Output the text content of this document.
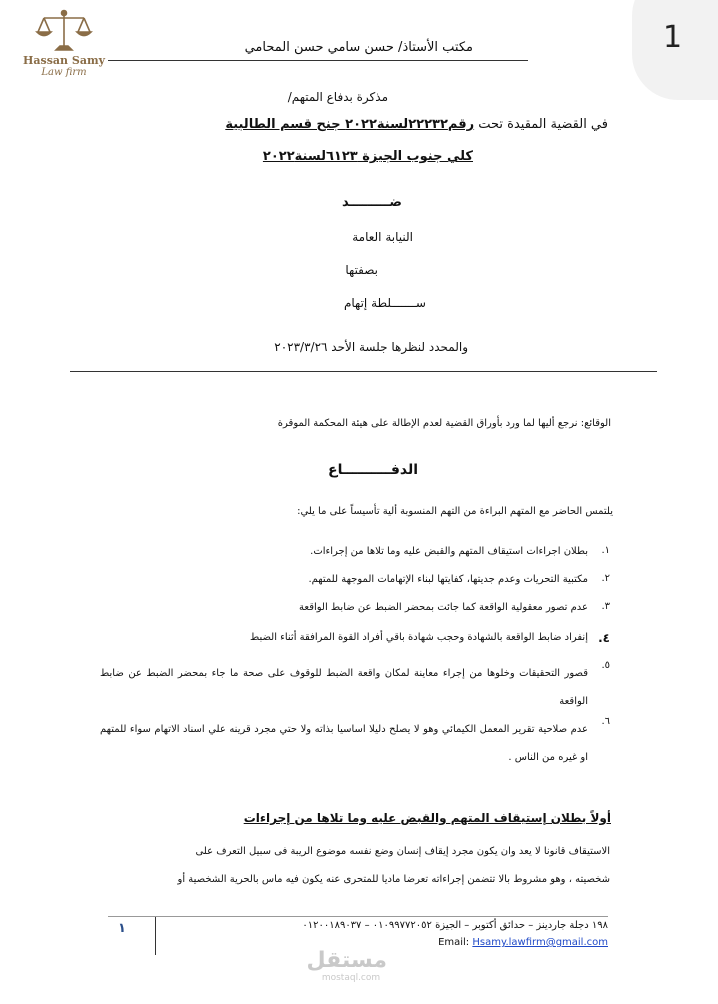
1
Hassan Samy
Law firm
مكتب الأستاذ/ حسن سامي حسن المحامي
مذكرة بدفاع المتهم/
في القضية المقيدة تحت رقم٢٢٢٣٢لسنة٢٠٢٢ جنح قسم الطالبية
كلي جنوب الجيزة ٦١٢٣لسنة٢٠٢٢
ضـــــــــد
النيابة العامة
بصفتها
ســـــــلطة إتهام
والمحدد لنظرها جلسة الأحد ٢٠٢٣/٣/٢٦
الوقائع: نرجع أليها لما ورد بأوراق القضية لعدم الإطالة على هيئة المحكمة الموقرة
الدفــــــــــاع
يلتمس الحاضر مع المتهم البراءة من التهم المنسوبة ألية تأسيساً على ما يلي:
١.
بطلان اجراءات استيقاف المتهم والقبض عليه وما تلاها من إجراءات.
٢.
مكتبية التحريات وعدم جديتها، كفايتها لبناء الإتهامات الموجهة للمتهم.
٣.
عدم تصور معقولية الواقعة كما جائت بمحضر الضبط عن ضابط الواقعة
٤.
إنفراد ضابط الواقعة بالشهادة وحجب شهادة باقي أفراد القوة المرافقة أثناء الضبط
٥.
قصور التحقيقات وخلوها من إجراء معاينة لمكان واقعة الضبط للوقوف على صحة ما جاء بمحضر الضبط عن ضابط الواقعة
٦.
عدم صلاحية تقرير المعمل الكيمائي وهو لا يصلح دليلا اساسيا بذاته ولا حتي مجرد قرينه علي اسناد الاتهام سواء للمتهم او غيره من الناس .
أولاً بطلان إستيقاف المتهم والقبض عليه وما تلاها من إجراءات
الاستيقاف قانونا لا يعد وان يكون مجرد إيقاف إنسان وضع نفسه موضوع الريبة فى سبيل التعرف على
شخصيته ، وهو مشروط بالا تتضمن إجراءاته تعرضا ماديا للمتحرى عنه يكون فيه ماس بالحرية الشخصية أو
١	١٩٨ دجلة جاردينز – حدائق أكتوبر – الجيزة ٠١٠٩٩٧٧٢٠٥٢ – ٠١٢٠٠١٨٩٠٣٧
Email: Hsamy.lawfirm@gmail.com
مستقل
mostaql.com
